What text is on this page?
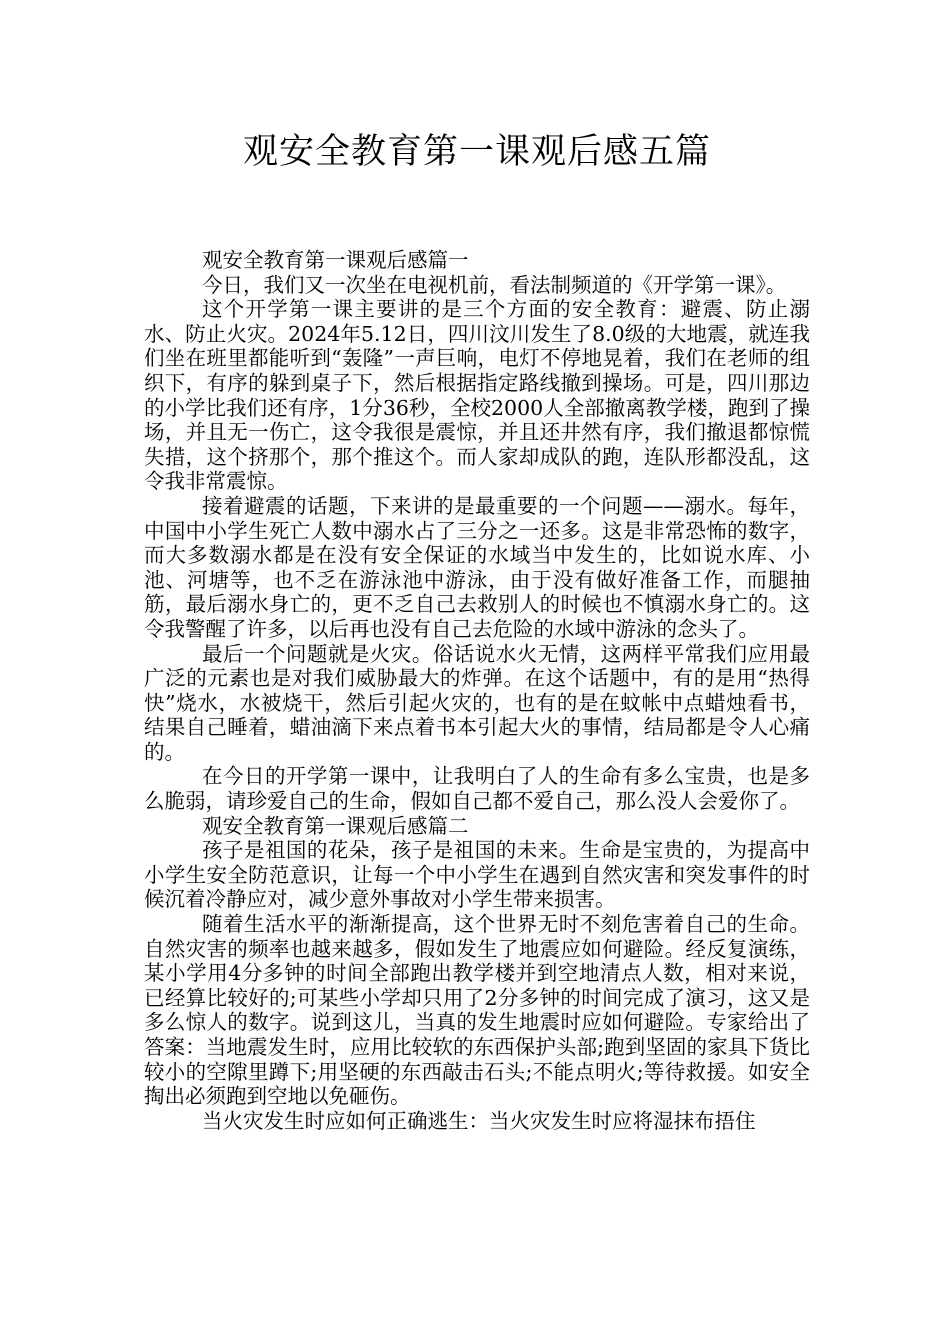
观安全教育第一课观后感五篇

观安全教育第一课观后感篇一

今日，我们又一次坐在电视机前，看法制频道的《开学第一课》。

这个开学第一课主要讲的是三个方面的安全教育：避震、防止溺水、防止火灾。2024年5.12日，四川汶川发生了8.0级的大地震，就连我们坐在班里都能听到“轰隆”一声巨响，电灯不停地晃着，我们在老师的组织下，有序的躲到桌子下，然后根据指定路线撤到操场。可是，四川那边的小学比我们还有序，1分36秒，全校2000人全部撤离教学楼，跑到了操场，并且无一伤亡，这令我很是震惊，并且还井然有序，我们撤退都惊慌失措，这个挤那个，那个推这个。而人家却成队的跑，连队形都没乱，这令我非常震惊。

接着避震的话题，下来讲的是最重要的一个问题——溺水。每年，中国中小学生死亡人数中溺水占了三分之一还多。这是非常恐怖的数字，而大多数溺水都是在没有安全保证的水域当中发生的，比如说水库、小池、河塘等，也不乏在游泳池中游泳，由于没有做好准备工作，而腿抽筋，最后溺水身亡的，更不乏自己去救别人的时候也不慎溺水身亡的。这令我警醒了许多，以后再也没有自己去危险的水域中游泳的念头了。

最后一个问题就是火灾。俗话说水火无情，这两样平常我们应用最广泛的元素也是对我们威胁最大的炸弹。在这个话题中，有的是用“热得快”烧水，水被烧干，然后引起火灾的，也有的是在蚊帐中点蜡烛看书，结果自己睡着，蜡油滴下来点着书本引起大火的事情，结局都是令人心痛的。

在今日的开学第一课中，让我明白了人的生命有多么宝贵，也是多么脆弱，请珍爱自己的生命，假如自己都不爱自己，那么没人会爱你了。

观安全教育第一课观后感篇二

孩子是祖国的花朵，孩子是祖国的未来。生命是宝贵的，为提高中小学生安全防范意识，让每一个中小学生在遇到自然灾害和突发事件的时候沉着冷静应对，减少意外事故对小学生带来损害。

随着生活水平的渐渐提高，这个世界无时不刻危害着自己的生命。自然灾害的频率也越来越多，假如发生了地震应如何避险。经反复演练，某小学用4分多钟的时间全部跑出教学楼并到空地清点人数，相对来说，已经算比较好的;可某些小学却只用了2分多钟的时间完成了演习，这又是多么惊人的数字。说到这儿，当真的发生地震时应如何避险。专家给出了答案：当地震发生时，应用比较软的东西保护头部;跑到坚固的家具下货比较小的空隙里蹲下;用坚硬的东西敲击石头;不能点明火;等待救援。如安全掏出必须跑到空地以免砸伤。

当火灾发生时应如何正确逃生：当火灾发生时应将湿抹布捂住
